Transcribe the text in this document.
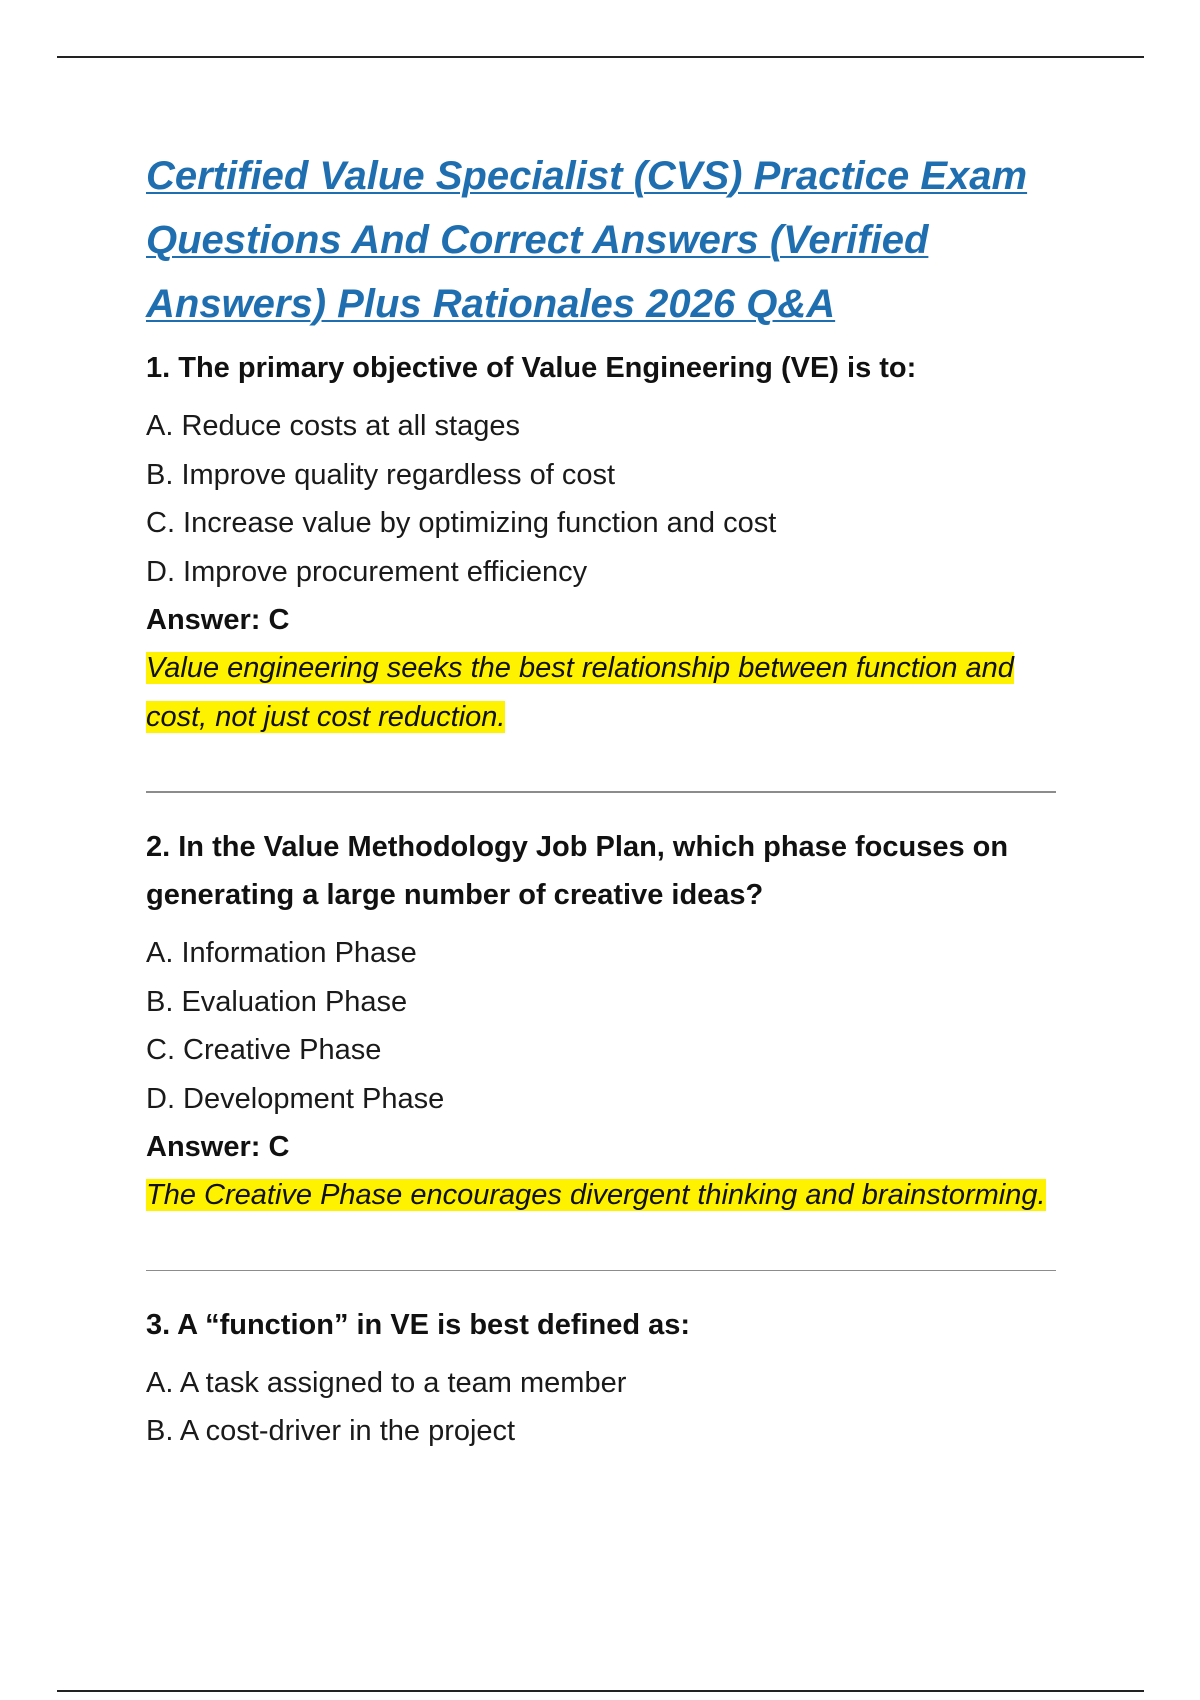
Certified Value Specialist (CVS) Practice Exam Questions And Correct Answers (Verified Answers) Plus Rationales 2026 Q&A

1. The primary objective of Value Engineering (VE) is to:

A. Reduce costs at all stages
B. Improve quality regardless of cost
C. Increase value by optimizing function and cost
D. Improve procurement efficiency
Answer: C
Value engineering seeks the best relationship between function and cost, not just cost reduction.

2. In the Value Methodology Job Plan, which phase focuses on generating a large number of creative ideas?

A. Information Phase
B. Evaluation Phase
C. Creative Phase
D. Development Phase
Answer: C
The Creative Phase encourages divergent thinking and brainstorming.

3. A “function” in VE is best defined as:

A. A task assigned to a team member
B. A cost-driver in the project
